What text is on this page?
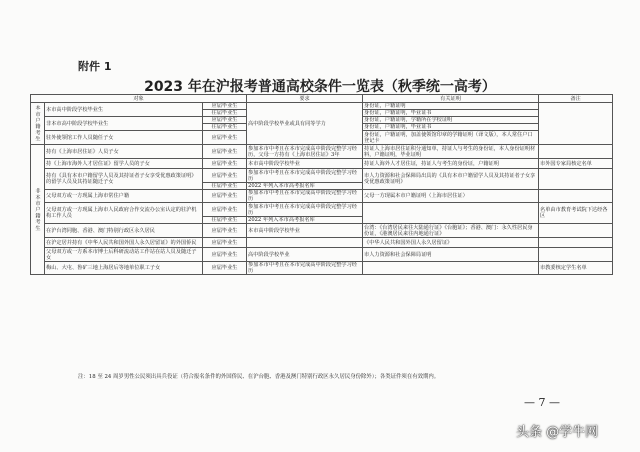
附件 1
2023 年在沪报考普通高校条件一览表（秋季统一高考）
对象			要求	有关证明	备注
本市户籍考生	本市高中阶段学校毕业生	应届毕业生	高中阶段学校毕业或具有同等学力	身份证，户籍证明	
		往届毕业生		身份证，户籍证明，毕业证书	
	非本市高中阶段学校毕业生	应届毕业生		身份证，户籍证明，学籍所在学校证明	
		往届毕业生		身份证，户籍证明，毕业证书	
	驻外使领馆工作人员随任子女	应届毕业生		身份证，户籍证明，加盖使领馆印章的学籍证明（译文版），本人常住户口登记卡	
非本市户籍考生	持有《上海市居住证》人员子女	应届毕业生	参加本市中考且在本市完成高中阶段完整学习经历，父母一方持有《上海市居住证》3年	持证人上海市居住证积分通知单，持证人与考生的身份证，本人身份证明材料，户籍证明，毕业证明	
	持《上海市海外人才居住证》留学人员的子女	应届毕业生	本市高中阶段学校毕业	持证人海外人才居住证，持证人与考生的身份证，户籍证明	市外国专家局核定名单
	持有《具有本市户籍留学人员及其持证者子女享受优惠政策证明》的留学人员及其持证随迁子女	应届毕业生	参加本市中考且在本市完成高中阶段完整学习经历	市人力资源和社会保障局出具的《具有本市户籍留学人员及其持证者子女享受优惠政策证明》	
		往届毕业生	2022 年列入本市高考报名库		
	父母双方或一方现属上海市常住户籍	应届毕业生	参加本市中考且在本市完成高中阶段完整学习经历	父母一方现属本市户籍证明（上海市居住证）	
	父母双方或一方现属上海市人民政府合作交流办公室认定的驻沪机构工作人员	应届毕业生	参加本市中考且在本市完成高中阶段完整学习经历		名单由市教育考试院下达经各区
		往届毕业生	2022 年列入本市高考报名库		
	在沪台湾同胞、香港、澳门特别行政区永久居民	应届毕业生	本市高中阶段学校毕业	台湾：《台湾居民来往大陆通行证》《台胞证》；香港、澳门：永久性居民身份证，《港澳居民来往内地通行证》	
	在沪定居并持有《中华人民共和国外国人永久居留证》的外国侨民	应届毕业生		《中华人民共和国外国人永久居留证》	
	父母双方或一方系本市博士后科研流动站工作站在站人员及随迁子女	应届毕业生	高中阶段学校毕业	市人力资源和社会保障局证明	
	梅山、大屯、鲁矿三地上海居后等地单位职工子女	应届毕业生	参加本市中考且在本市完成高中阶段完整学习经历		市教委核定学生名单
注：18 至 24 周岁男性公民须出具兵役证（符合报名条件的外国侨民、在沪台胞、香港及澳门特别行政区永久居民身份除外）；各类证件须在有效期内。
— 7 —
头条 @学牛网
